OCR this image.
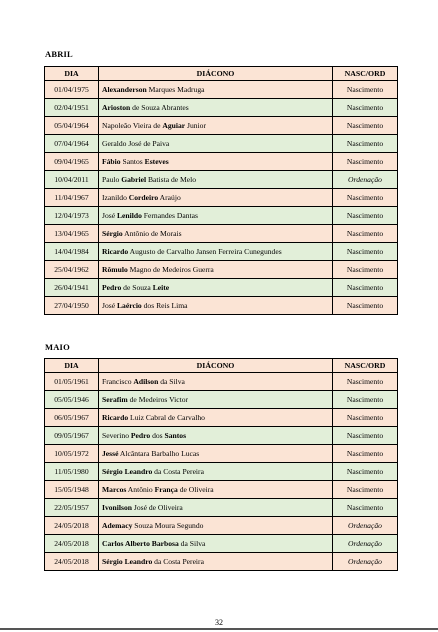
ABRIL
DIA	DIÁCONO	NASC/ORD
01/04/1975	Alexanderson Marques Madruga	Nascimento
02/04/1951	Arioston de Souza Abrantes	Nascimento
05/04/1964	Napoleão Vieira de Aguiar Junior	Nascimento
07/04/1964	Geraldo José de Paiva	Nascimento
09/04/1965	Fábio Santos Esteves	Nascimento
10/04/2011	Paulo Gabriel Batista de Melo	Ordenação
11/04/1967	Izanildo Cordeiro Araújo	Nascimento
12/04/1973	José Lenildo Fernandes Dantas	Nascimento
13/04/1965	Sérgio Antônio de Morais	Nascimento
14/04/1984	Ricardo Augusto de Carvalho Jansen Ferreira Cunegundes	Nascimento
25/04/1962	Rômulo Magno de Medeiros Guerra	Nascimento
26/04/1941	Pedro de Souza Leite	Nascimento
27/04/1950	José Laércio dos Reis Lima	Nascimento
MAIO
DIA	DIÁCONO	NASC/ORD
01/05/1961	Francisco Adilson da Silva	Nascimento
05/05/1946	Serafim de Medeiros Victor	Nascimento
06/05/1967	Ricardo Luiz Cabral de Carvalho	Nascimento
09/05/1967	Severino Pedro dos Santos	Nascimento
10/05/1972	Jessé Alcântara Barbalho Lucas	Nascimento
11/05/1980	Sérgio Leandro da Costa Pereira	Nascimento
15/05/1948	Marcos Antônio França de Oliveira	Nascimento
22/05/1957	Ivonilson José de Oliveira	Nascimento
24/05/2018	Ademacy Souza Moura Segundo	Ordenação
24/05/2018	Carlos Alberto Barbosa da Silva	Ordenação
24/05/2018	Sérgio Leandro da Costa Pereira	Ordenação
32
